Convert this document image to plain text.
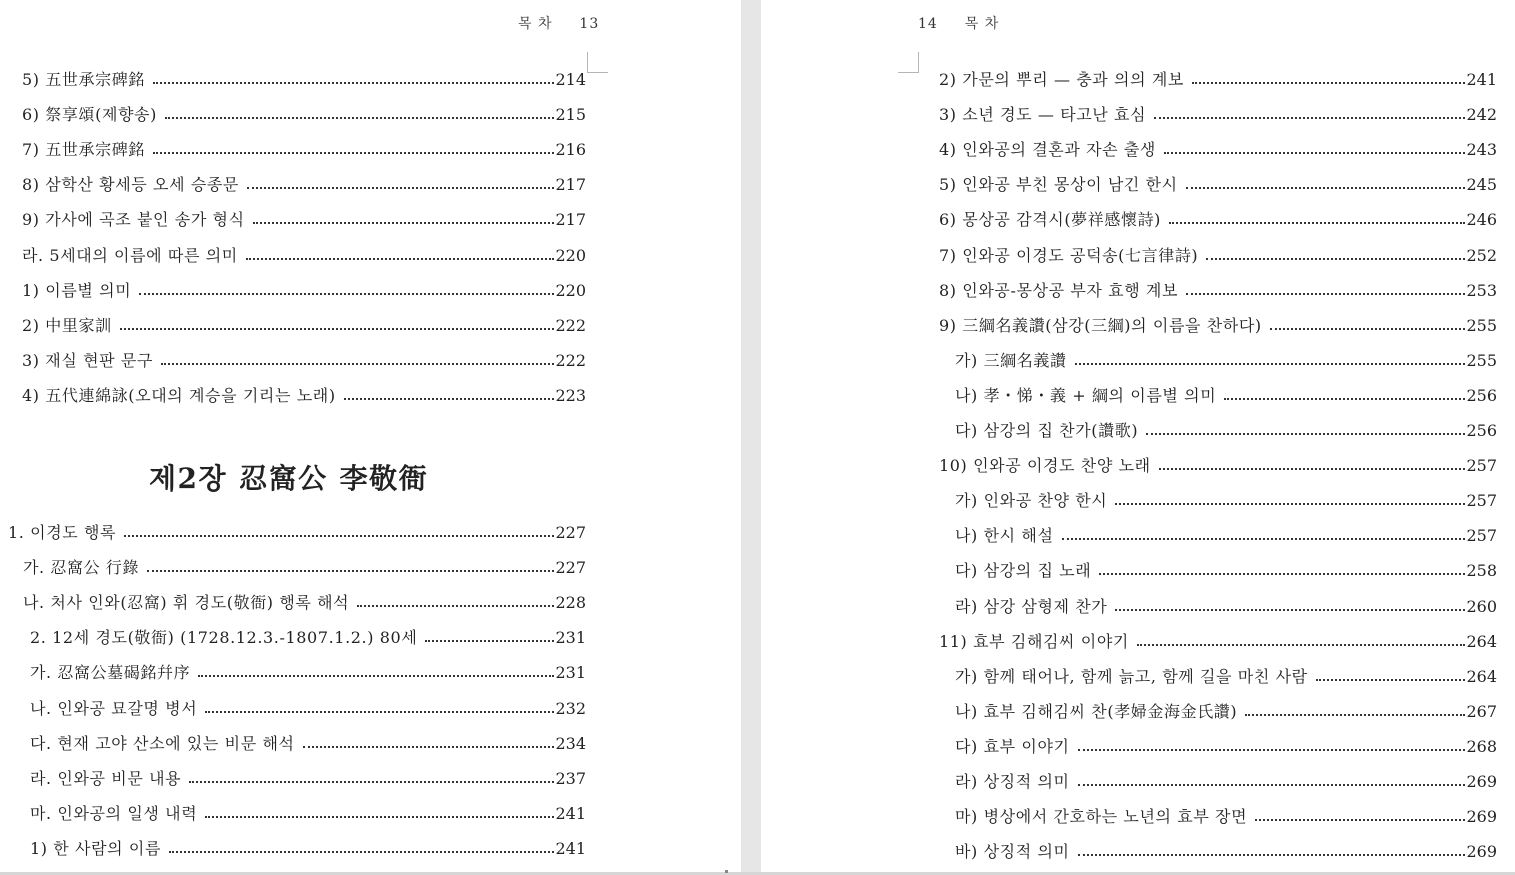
목 차 13
5) 五世承宗碑銘	214
6) 祭享頌(제향송)	215
7) 五世承宗碑銘	216
8) 삼학산 황세등 오세 승종문	217
9) 가사에 곡조 붙인 송가 형식	217
라. 5세대의 이름에 따른 의미	220
1) 이름별 의미	220
2) 中里家訓	222
3) 재실 현판 문구	222
4) 五代連綿詠(오대의 계승을 기리는 노래)	223
제2장 忍窩公 李敬衙
1. 이경도 행록	227
가. 忍窩公 行錄	227
나. 처사 인와(忍窩) 휘 경도(敬衙) 행록 해석	228
2. 12세 경도(敬衙) (1728.12.3.-1807.1.2.) 80세	231
가. 忍窩公墓碣銘幷序	231
나. 인와공 묘갈명 병서	232
다. 현재 고야 산소에 있는 비문 해석	234
라. 인와공 비문 내용	237
마. 인와공의 일생 내력	241
1) 한 사람의 이름	241
14 목 차
2) 가문의 뿌리 — 충과 의의 계보	241
3) 소년 경도 — 타고난 효심	242
4) 인와공의 결혼과 자손 출생	243
5) 인와공 부친 몽상이 남긴 한시	245
6) 몽상공 감격시(夢祥感懷詩)	246
7) 인와공 이경도 공덕송(七言律詩)	252
8) 인와공-몽상공 부자 효행 계보	253
9) 三綱名義讚(삼강(三綱)의 이름을 찬하다)	255
가) 三綱名義讚	255
나) 孝・悌・義 + 綱의 이름별 의미	256
다) 삼강의 집 찬가(讚歌)	256
10) 인와공 이경도 찬양 노래	257
가) 인와공 찬양 한시	257
나) 한시 해설	257
다) 삼강의 집 노래	258
라) 삼강 삼형제 찬가	260
11) 효부 김해김씨 이야기	264
가) 함께 태어나, 함께 늙고, 함께 길을 마친 사람	264
나) 효부 김해김씨 찬(孝婦金海金氏讚)	267
다) 효부 이야기	268
라) 상징적 의미	269
마) 병상에서 간호하는 노년의 효부 장면	269
바) 상징적 의미	269
